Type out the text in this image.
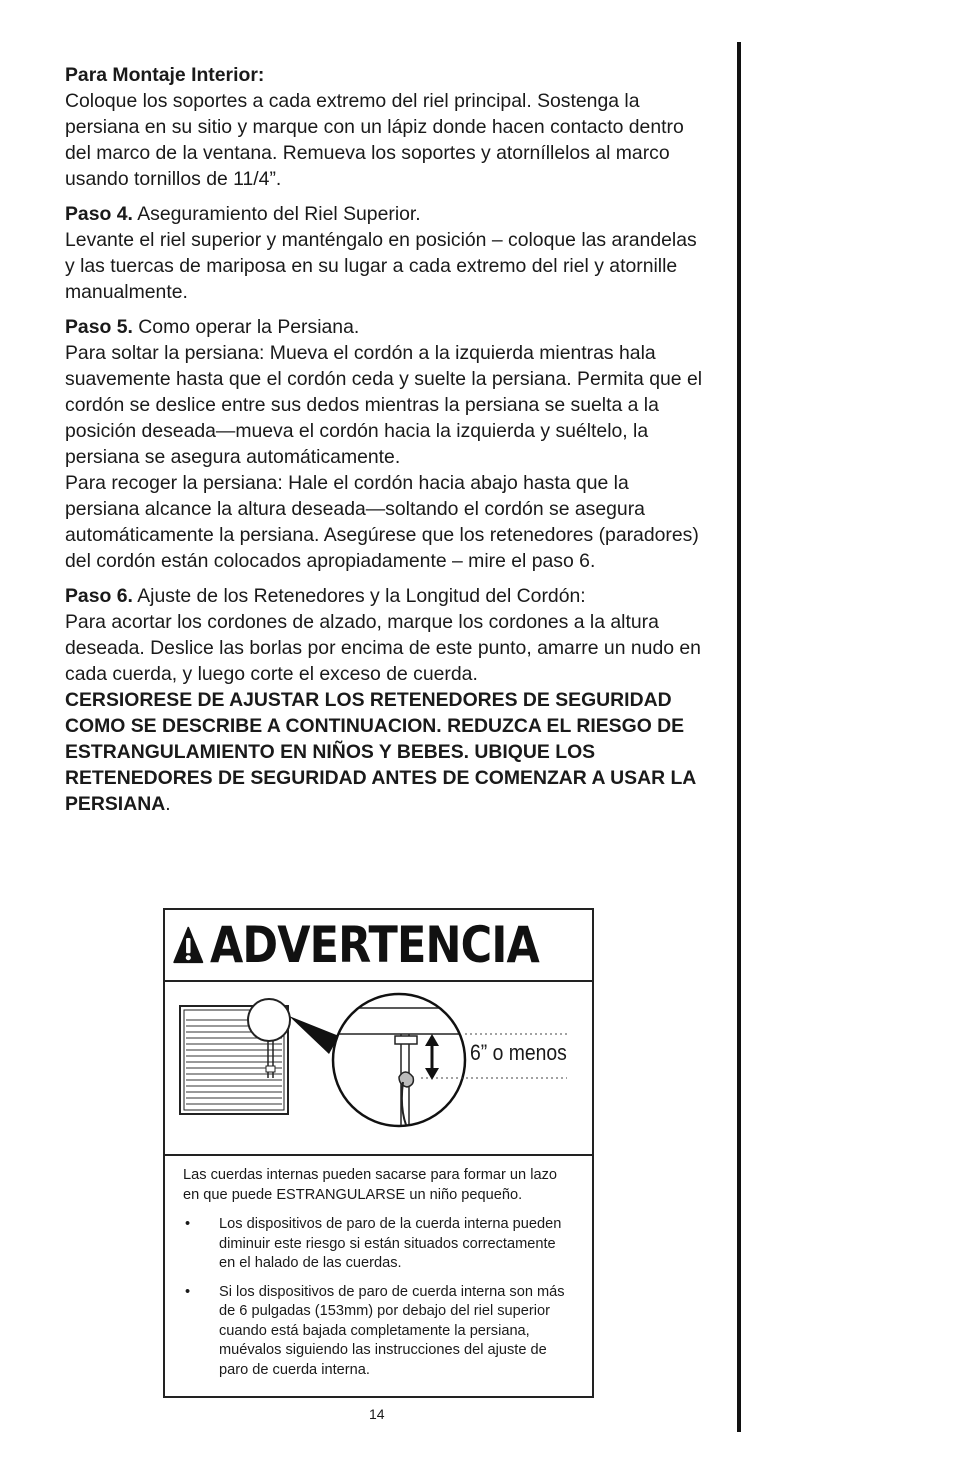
Para Montaje Interior:
Coloque los soportes a cada extremo del riel principal. Sostenga la persiana en su sitio y marque con un lápiz donde hacen contacto dentro del marco de la ventana. Remueva los soportes y atorníllelos al marco usando tornillos de 11/4”.

Paso 4. Aseguramiento del Riel Superior.
Levante el riel superior y manténgalo en posición – coloque las arandelas y las tuercas de mariposa en su lugar a cada extremo del riel y atornille manualmente.

Paso 5. Como operar la Persiana.
Para soltar la persiana: Mueva el cordón a la izquierda mientras hala suavemente hasta que el cordón ceda y suelte la persiana. Permita que el cordón se deslice entre sus dedos mientras la persiana se suelta a la posición deseada—mueva el cordón hacia la izquierda y suéltelo, la persiana se asegura automáticamente.
Para recoger la persiana: Hale el cordón hacia abajo hasta que la persiana alcance la altura deseada—soltando el cordón se asegura automáticamente la persiana. Asegúrese que los retenedores (paradores) del cordón están colocados apropiadamente – mire el paso 6.

Paso 6. Ajuste de los Retenedores y la Longitud del Cordón:
Para acortar los cordones de alzado, marque los cordones a la altura deseada. Deslice las borlas por encima de este punto, amarre un nudo en cada cuerda, y luego corte el exceso de cuerda.

CERSIORESE DE AJUSTAR LOS RETENEDORES DE SEGURIDAD COMO SE DESCRIBE A CONTINUACION. REDUZCA EL RIESGO DE ESTRANGULAMIENTO EN NIÑOS Y BEBES. UBIQUE LOS RETENEDORES DE SEGURIDAD ANTES DE COMENZAR A USAR LA PERSIANA.

ADVERTENCIA
6” o menos

Las cuerdas internas pueden sacarse para formar un lazo en que puede ESTRANGULARSE un niño pequeño.

•	Los dispositivos de paro de la cuerda interna pueden diminuir este riesgo si están situados correctamente en el halado de las cuerdas.
•	Si los dispositivos de paro de cuerda interna son más de 6 pulgadas (153mm) por debajo del riel superior cuando está bajada completamente la persiana, muévalos siguiendo las instrucciones del ajuste de paro de cuerda interna.
14
